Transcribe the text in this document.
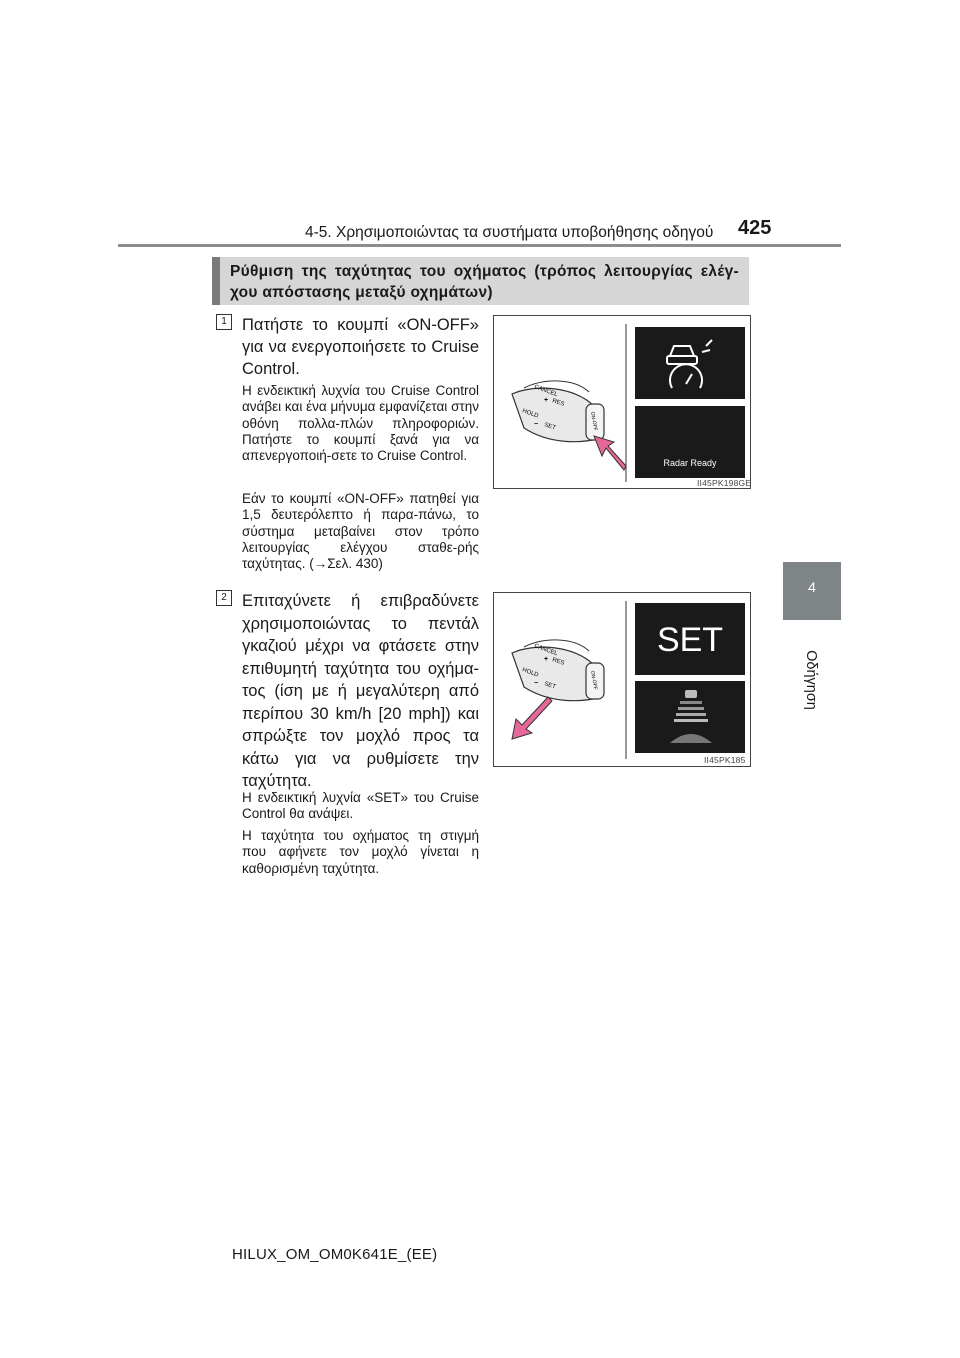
4-5. Χρησιμοποιώντας τα συστήματα υποβοήθησης οδηγού 425
4
Οδήγηση
Ρύθμιση της ταχύτητας του οχήματος (τρόπος λειτουργίας ελέγ-χου απόστασης μεταξύ οχημάτων)
1 Πατήστε το κουμπί «ON-OFF» για να ενεργοποιήσετε το Cruise Control.
Η ενδεικτική λυχνία του Cruise Control ανάβει και ένα μήνυμα εμφανίζεται στην οθόνη πολλα-πλών πληροφοριών. Πατήστε το κουμπί ξανά για να απενεργοποιή-σετε το Cruise Control.
Εάν το κουμπί «ON-OFF» πατηθεί για 1,5 δευτερόλεπτο ή παρα-πάνω, το σύστημα μεταβαίνει στον τρόπο λειτουργίας ελέγχου σταθε-ρής ταχύτητας. (→Σελ. 430)
CANCEL
+ RES
HOLD
− SET	ON-OFF
Radar Ready
II45PK198GE
2 Επιταχύνετε ή επιβραδύνετε χρησιμοποιώντας το πεντάλ γκαζιού μέχρι να φτάσετε στην επιθυμητή ταχύτητα του οχήμα-τος (ίση με ή μεγαλύτερη από περίπου 30 km/h [20 mph]) και σπρώξτε τον μοχλό προς τα κάτω για να ρυθμίσετε την ταχύτητα.
Η ενδεικτική λυχνία «SET» του Cruise Control θα ανάψει.
Η ταχύτητα του οχήματος τη στιγμή που αφήνετε τον μοχλό γίνεται η καθορισμένη ταχύτητα.
CANCEL
+ RES
HOLD
− SET	ON-OFF
SET
II45PK185
HILUX_OM_OM0K641E_(EE)
